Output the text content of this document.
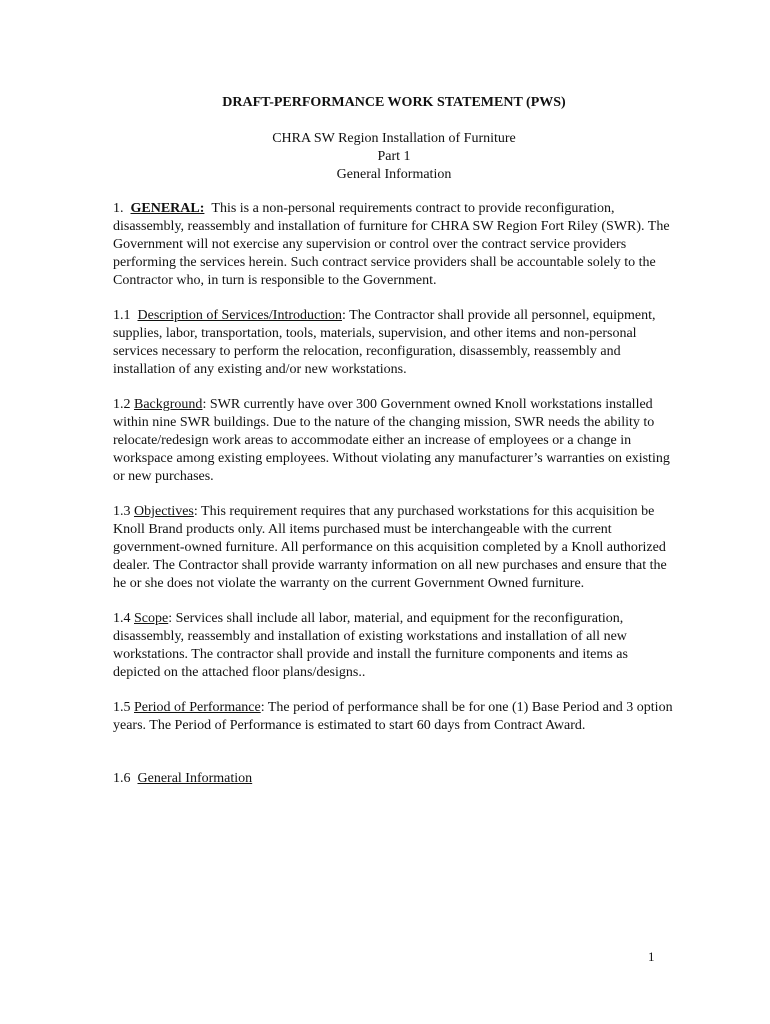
DRAFT-PERFORMANCE WORK STATEMENT (PWS)

CHRA SW Region Installation of Furniture
Part 1
General Information

1. GENERAL: This is a non-personal requirements contract to provide reconfiguration, disassembly, reassembly and installation of furniture for CHRA SW Region Fort Riley (SWR). The Government will not exercise any supervision or control over the contract service providers performing the services herein. Such contract service providers shall be accountable solely to the Contractor who, in turn is responsible to the Government.

1.1 Description of Services/Introduction: The Contractor shall provide all personnel, equipment, supplies, labor, transportation, tools, materials, supervision, and other items and non-personal services necessary to perform the relocation, reconfiguration, disassembly, reassembly and installation of any existing and/or new workstations.

1.2 Background: SWR currently have over 300 Government owned Knoll workstations installed within nine SWR buildings. Due to the nature of the changing mission, SWR needs the ability to relocate/redesign work areas to accommodate either an increase of employees or a change in workspace among existing employees. Without violating any manufacturer’s warranties on existing or new purchases.

1.3 Objectives: This requirement requires that any purchased workstations for this acquisition be Knoll Brand products only. All items purchased must be interchangeable with the current government-owned furniture. All performance on this acquisition completed by a Knoll authorized dealer. The Contractor shall provide warranty information on all new purchases and ensure that the he or she does not violate the warranty on the current Government Owned furniture.

1.4 Scope: Services shall include all labor, material, and equipment for the reconfiguration, disassembly, reassembly and installation of existing workstations and installation of all new workstations. The contractor shall provide and install the furniture components and items as depicted on the attached floor plans/designs..

1.5 Period of Performance: The period of performance shall be for one (1) Base Period and 3 option years. The Period of Performance is estimated to start 60 days from Contract Award.

1.6 General Information

1
